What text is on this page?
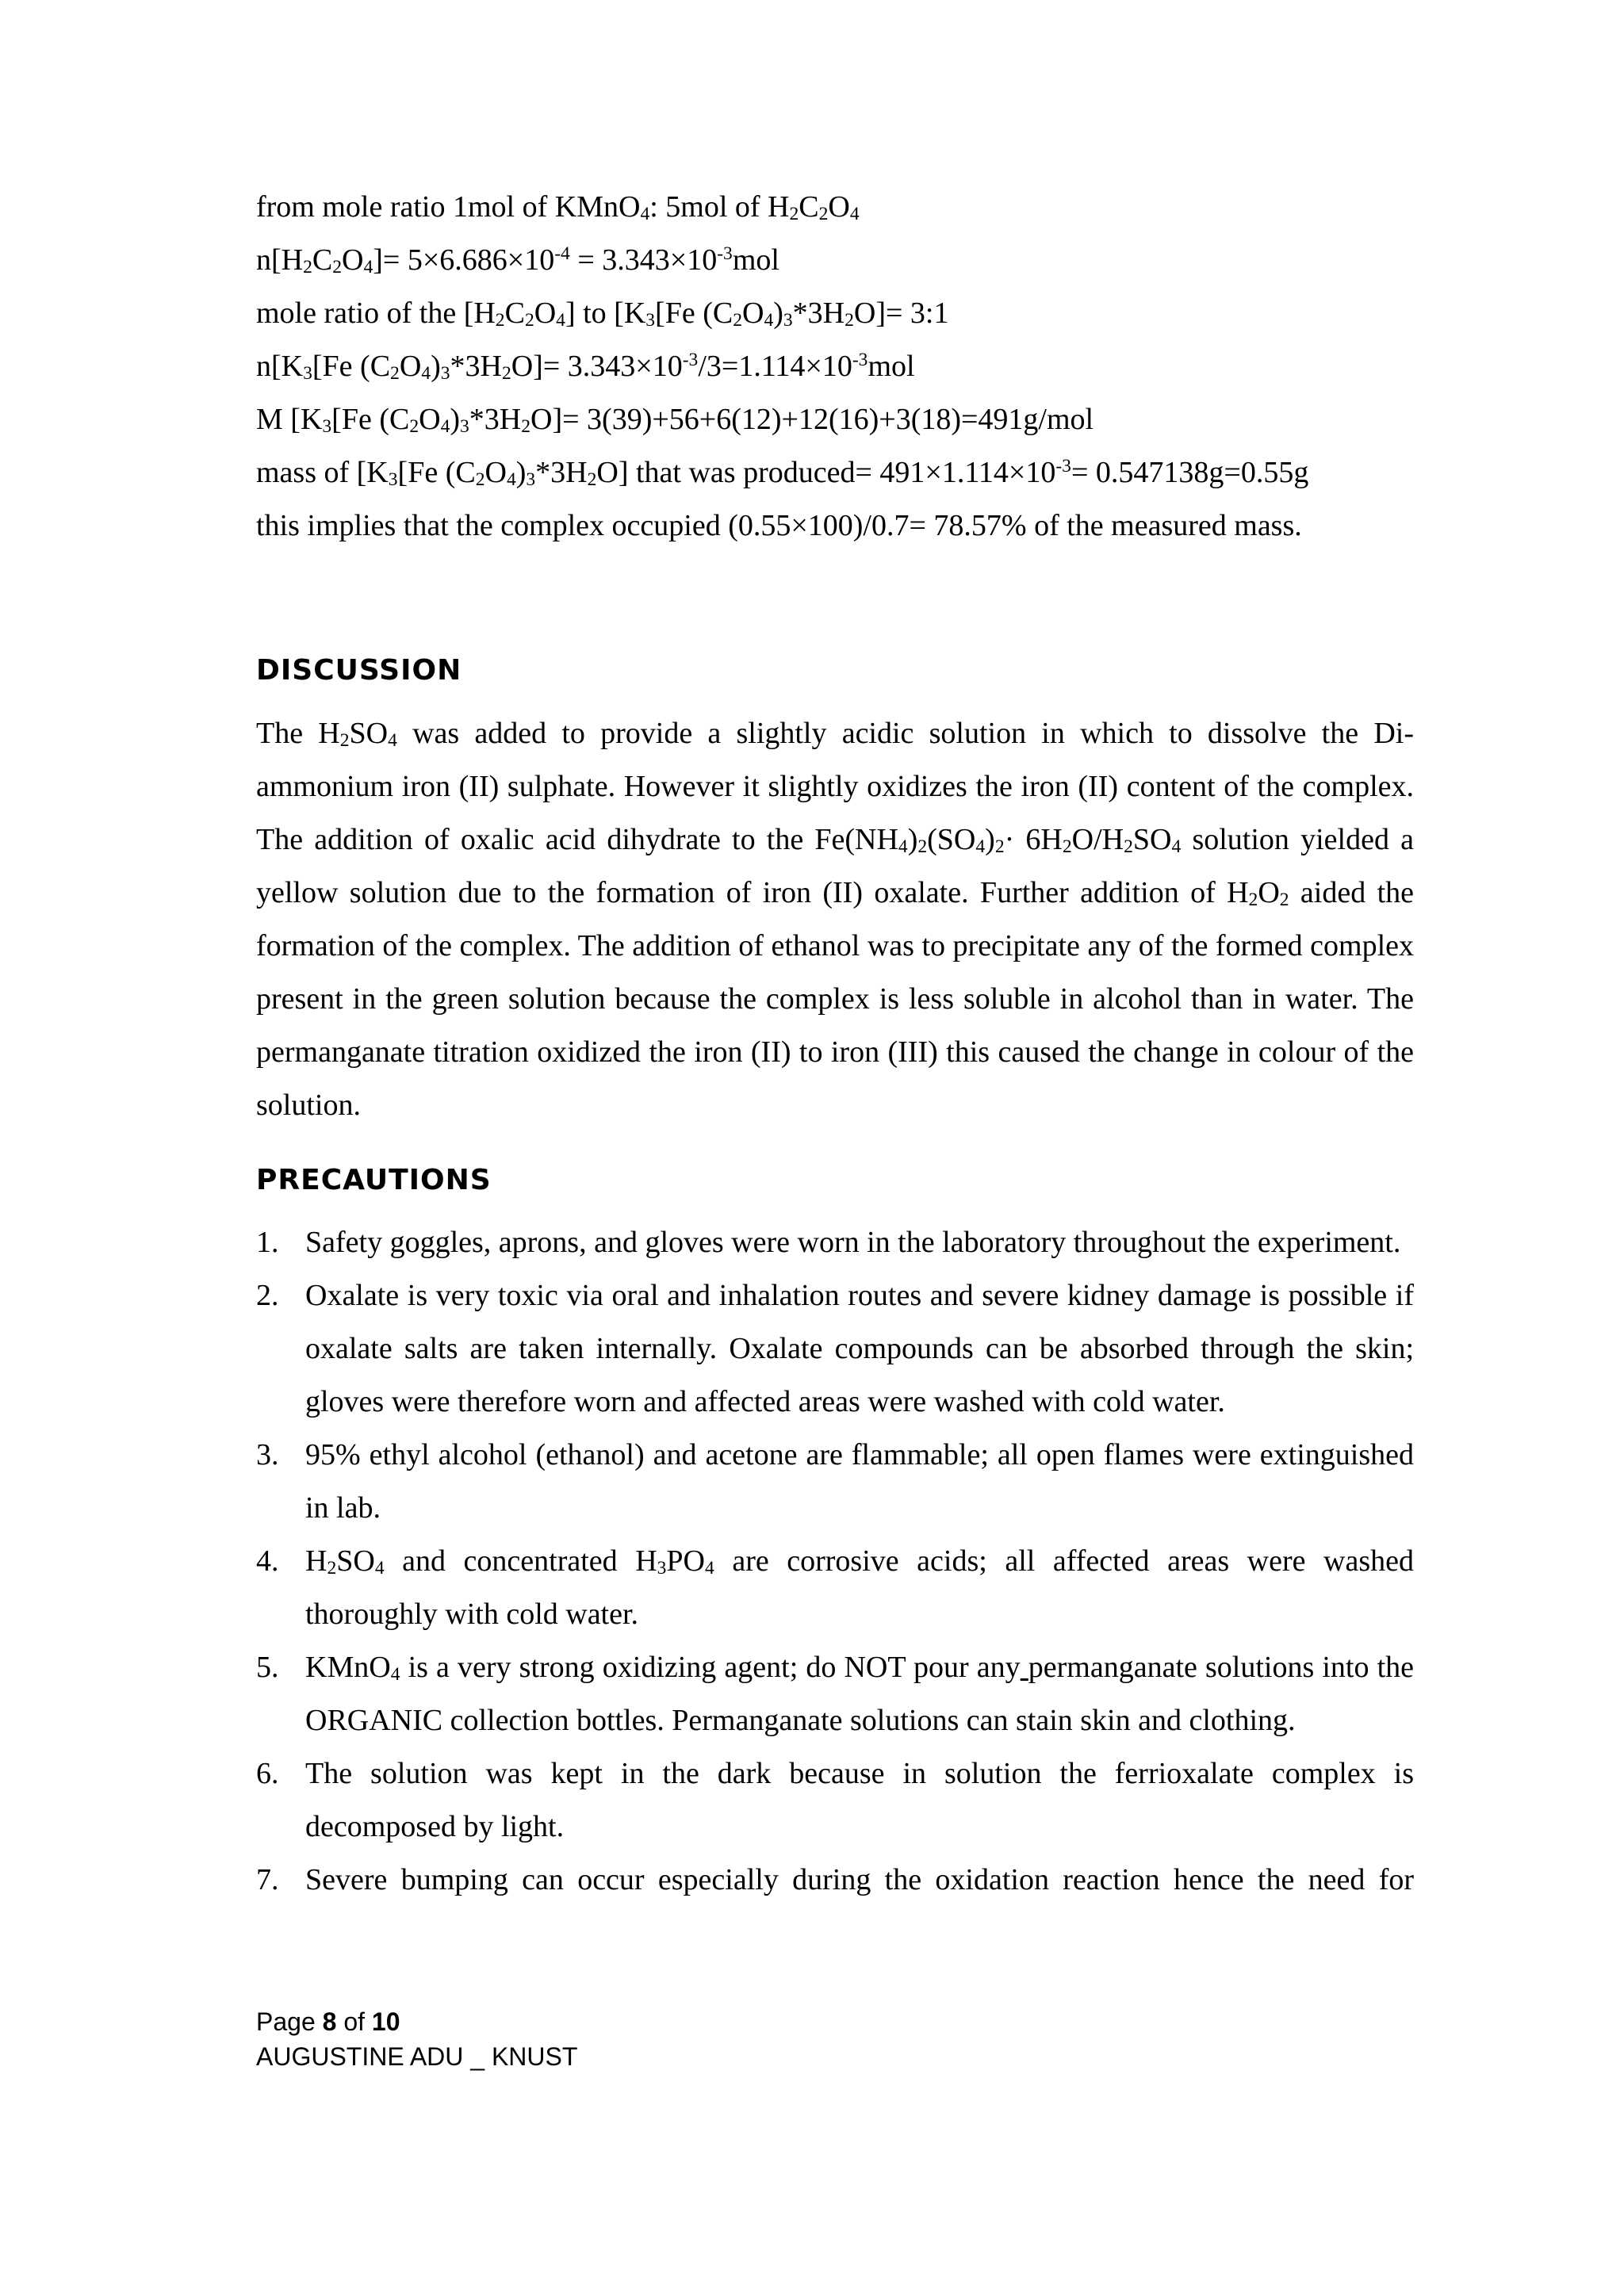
from mole ratio 1mol of KMnO$_4$: 5mol of $H_2C_2O_4$
$n[H_2C_2O_4]= 5\times 6.686\times 10^{-4} = 3.343\times 10^{-3}mol$
mole ratio of the $[H_2C_2O_4]$ to [$K_3[Fe$ $(C_2O_4)_3*3H_2O]=$ 3:1
$n[K_3[Fe$ $(C_2O_4)_3*3H_2O]= 3.343\times 10^{-3}/3=1.114\times 10^{-3}mol$
M [$K_3[Fe$ $(C_2O_4)_3*3H_2O]= 3(39)+56+6(12)+12(16)+3(18)=491g/mol$
mass of [$K_3[Fe$ $(C_2O_4)_3*3H_2O$] that was produced= $491\times 1.114\times 10^{-3}= 0.547138g=0.55g$
this implies that the complex occupied (0.55×100)/0.7= 78.57% of the measured mass.
DISCUSSION
The $H_2SO_4$ was added to provide a slightly acidic solution in which to dissolve the Di-ammonium iron (II) sulphate. However it slightly oxidizes the iron (II) content of the complex. The addition of oxalic acid dihydrate to the $Fe(NH_4)_2(SO_4)_2\cdot 6H_2O/H_2SO_4$ solution yielded a yellow solution due to the formation of iron (II) oxalate. Further addition of $H_2O_2$ aided the formation of the complex. The addition of ethanol was to precipitate any of the formed complex present in the green solution because the complex is less soluble in alcohol than in water. The permanganate titration oxidized the iron (II) to iron (III) this caused the change in colour of the solution.
PRECAUTIONS
1. Safety goggles, aprons, and gloves were worn in the laboratory throughout the experiment.
2. Oxalate is very toxic via oral and inhalation routes and severe kidney damage is possible if oxalate salts are taken internally. Oxalate compounds can be absorbed through the skin; gloves were therefore worn and affected areas were washed with cold water.
3. 95% ethyl alcohol (ethanol) and acetone are flammable; all open flames were extinguished in lab.
4. $H_2SO_4$ and concentrated $H_3PO_4$ are corrosive acids; all affected areas were washed thoroughly with cold water.
5. KMnO$_4$ is a very strong oxidizing agent; do NOT pour any permanganate solutions into the ORGANIC collection bottles. Permanganate solutions can stain skin and clothing.
6. The solution was kept in the dark because in solution the ferrioxalate complex is decomposed by light.
7. Severe bumping can occur especially during the oxidation reaction hence the need for
Page 8 of 10
AUGUSTINE ADU _ KNUST
